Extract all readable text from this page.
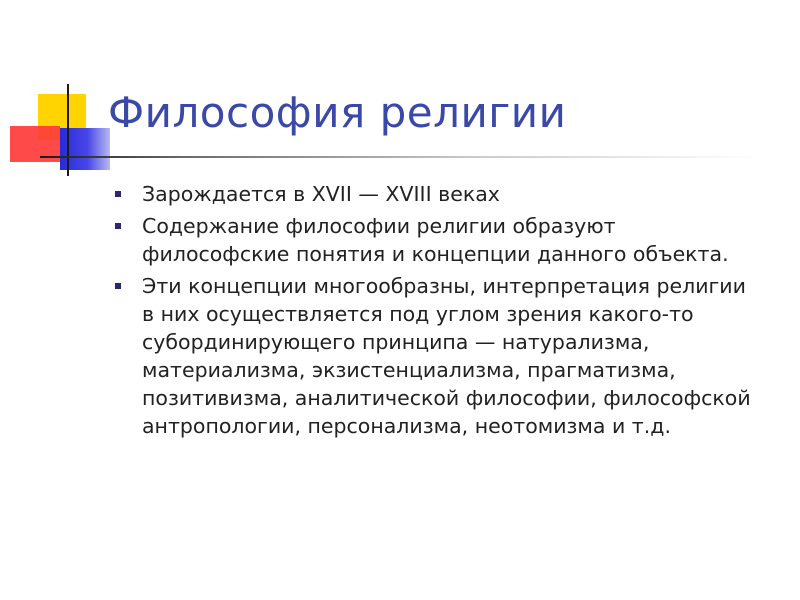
Философия религии
Зарождается в XVII — XVIII веках
Содержание философии религии образуют философские понятия и концепции данного объекта.
Эти концепции многообразны, интерпретация религии в них осуществляется под углом зрения какого-то субординирующего принципа — натурализма, материализма, экзистенциализма, прагматизма, позитивизма, аналитической философии, философской антропологии, персонализма, неотомизма и т.д.
